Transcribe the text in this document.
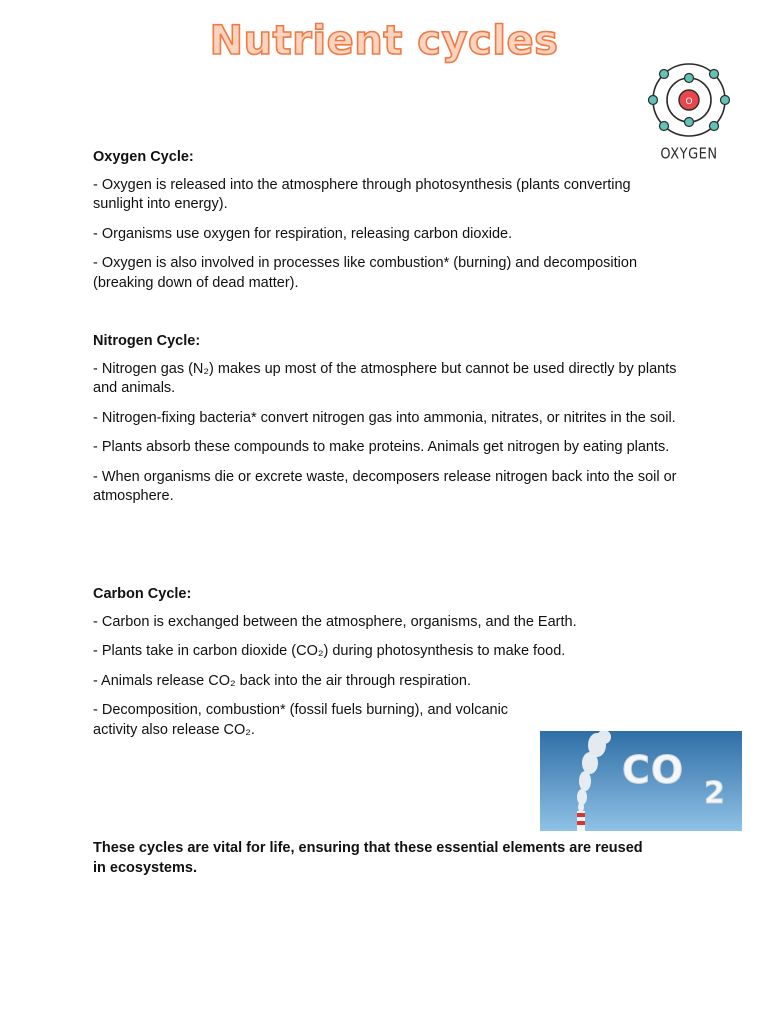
Nutrient cycles
O
OXYGEN
Oxygen Cycle:

- Oxygen is released into the atmosphere through photosynthesis (plants converting sunlight into energy).

- Organisms use oxygen for respiration, releasing carbon dioxide.

- Oxygen is also involved in processes like combustion* (burning) and decomposition (breaking down of dead matter).

Nitrogen Cycle:

- Nitrogen gas (N₂) makes up most of the atmosphere but cannot be used directly by plants and animals.

- Nitrogen-fixing bacteria* convert nitrogen gas into ammonia, nitrates, or nitrites in the soil.

- Plants absorb these compounds to make proteins. Animals get nitrogen by eating plants.

- When organisms die or excrete waste, decomposers release nitrogen back into the soil or atmosphere.

Carbon Cycle:

- Carbon is exchanged between the atmosphere, organisms, and the Earth.

- Plants take in carbon dioxide (CO₂) during photosynthesis to make food.

- Animals release CO₂ back into the air through respiration.

- Decomposition, combustion* (fossil fuels burning), and volcanic activity also release CO₂.

CO
2
These cycles are vital for life, ensuring that these essential elements are reused in ecosystems.
